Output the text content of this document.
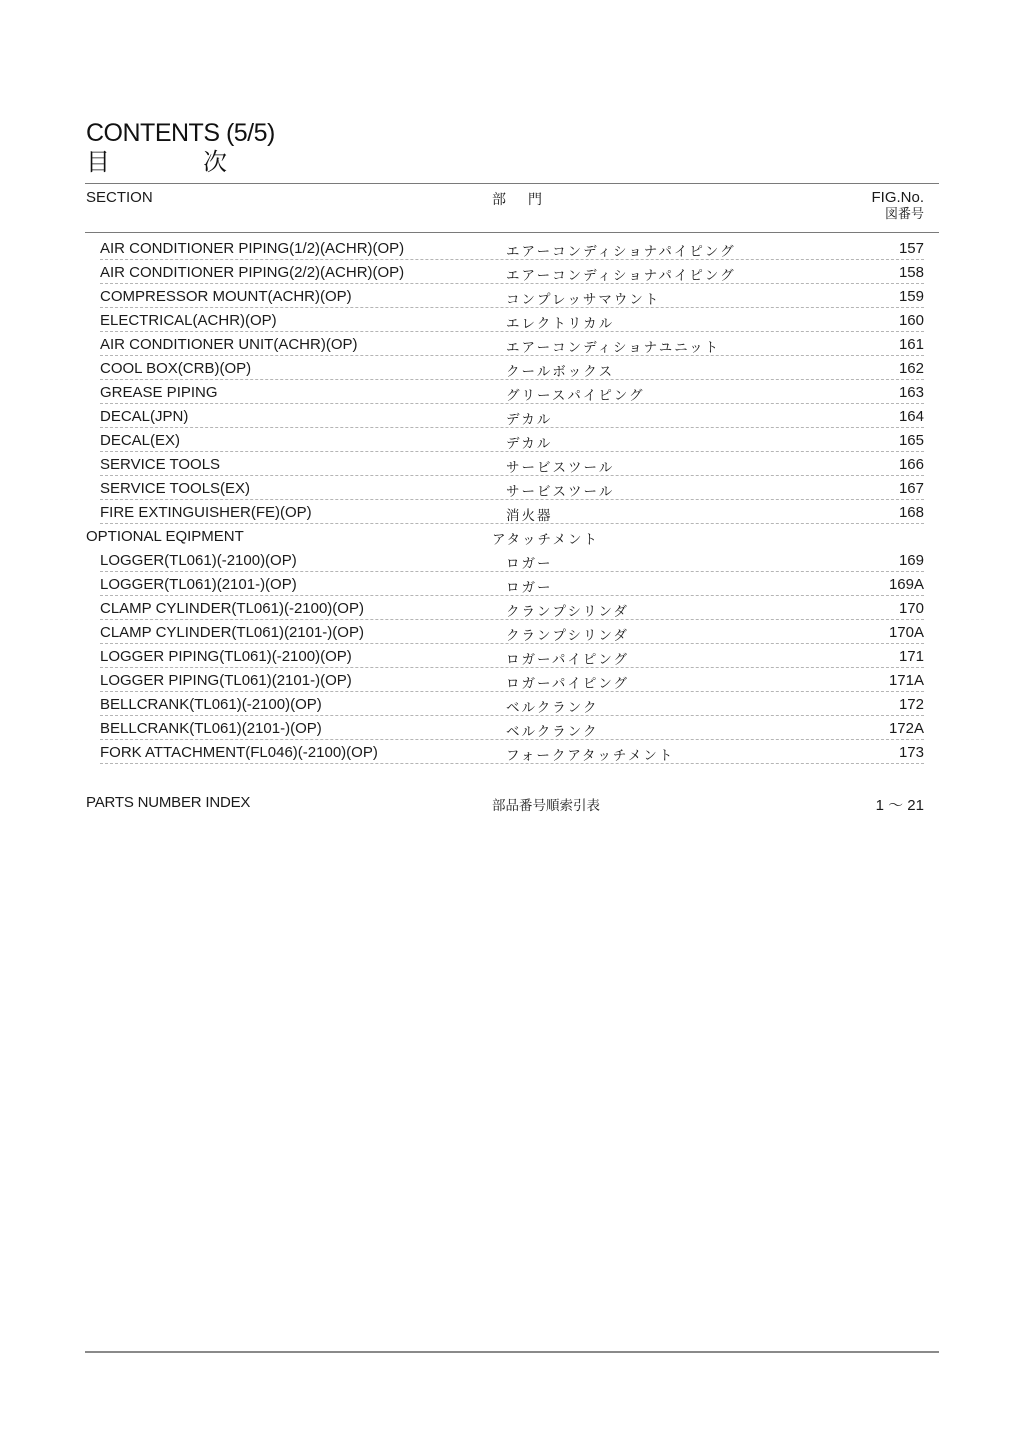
CONTENTS (5/5)
目	次
SECTION	部 門	FIG.No.
図番号
AIR CONDITIONER PIPING(1/2)(ACHR)(OP)	エアーコンディショナパイピング	157
AIR CONDITIONER PIPING(2/2)(ACHR)(OP)	エアーコンディショナパイピング	158
COMPRESSOR MOUNT(ACHR)(OP)	コンプレッサマウント	159
ELECTRICAL(ACHR)(OP)	エレクトリカル	160
AIR CONDITIONER UNIT(ACHR)(OP)	エアーコンディショナユニット	161
COOL BOX(CRB)(OP)	クールボックス	162
GREASE PIPING	グリースパイピング	163
DECAL(JPN)	デカル	164
DECAL(EX)	デカル	165
SERVICE TOOLS	サービスツール	166
SERVICE TOOLS(EX)	サービスツール	167
FIRE EXTINGUISHER(FE)(OP)	消火器	168
OPTIONAL EQIPMENT	アタッチメント
LOGGER(TL061)(-2100)(OP)	ロガー	169
LOGGER(TL061)(2101-)(OP)	ロガー	169A
CLAMP CYLINDER(TL061)(-2100)(OP)	クランプシリンダ	170
CLAMP CYLINDER(TL061)(2101-)(OP)	クランプシリンダ	170A
LOGGER PIPING(TL061)(-2100)(OP)	ロガーパイピング	171
LOGGER PIPING(TL061)(2101-)(OP)	ロガーパイピング	171A
BELLCRANK(TL061)(-2100)(OP)	ベルクランク	172
BELLCRANK(TL061)(2101-)(OP)	ベルクランク	172A
FORK ATTACHMENT(FL046)(-2100)(OP)	フォークアタッチメント	173
PARTS NUMBER INDEX	部品番号順索引表	1 ～ 21
